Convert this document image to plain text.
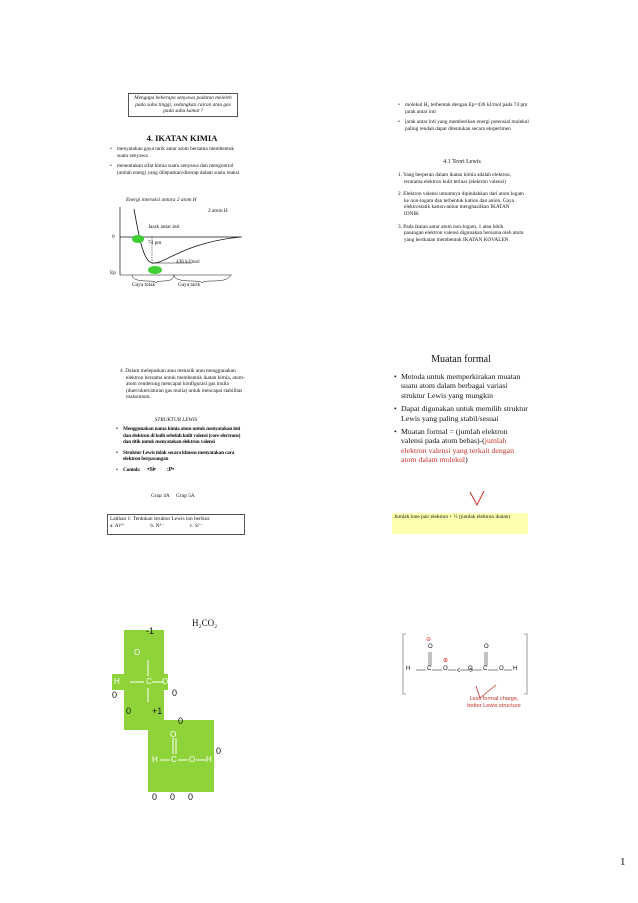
Mengapa beberapa senyawa padatan meleleh pada suhu tinggi, sedangkan cairan atau gas pada suhu kamar?
4. IKATAN KIMIA
• menyatakan gaya tarik antar atom bersama membentuk suatu senyawa
• menentukan sifat kimia suatu senyawa dan mengontrol jumlah energi yang dilepaskan/diserap dalam suatu reaksi
Energi interaksi antara 2 atom H
2 atom H
Jarak antar inti
74 pm
436 kJ/mol
0
Ep
Gaya tolak	Gaya tarik
• molekul H₂ terbentuk dengan Ep=436 kJ/mol pada 74 pm jarak antar inti
• jarak antar inti yang memberikan energi potensial molekul paling rendah dapat ditentukan secara eksperimen
4.1 Teori Lewis
1. Yang berperan dalam ikatan kimia adalah elektron, terutama elektron kulit terluar (elektron valensi)
2. Elektron valensi umumnya dipindahkan dari atom logam ke non-logam dan terbentuk kation dan anion. Gaya elektrostatik kation-anion menghasilkan IKATAN IONIK
3. Pada ikatan antar atom non-logam, 1 atau lebih pasangan elektron valensi digunakan bersama oleh atom yang berikatan membentuk IKATAN KOVALEN
4. Dalam melepaskan atau menarik atau menggunakan elektron bersama untuk membentuk ikatan kimia, atom-atom cenderung mencapai konfigurasi gas mulia (duet/oktet/aturan gas mulia) untuk mencapai stabilitas maksimum.
STRUKTUR LEWIS
• Menggunakan nama kimia atom untuk menyatakan inti dan elektron di kulit sebelah kulit valensi (core electrons) dan titik untuk menyatakan elektron valensi
• Struktur Lewis tidak secara khusus menyatakan cara elektron berpasangan
• Contoh: •Si• :P•
Grup 4A Grup 5A
Latihan 1: Tentukan struktur Lewis ion berikut:
a. Al³⁺	b. N³⁻	c. S²⁻
Muatan formal
• Metoda untuk memperkirakan muatan suatu atom dalam berbagai variasi struktur Lewis yang mungkin
• Dapat digunakan untuk memilih struktur Lewis yang paling stabil/sesuai
• Muatan formal = (jumlah elektron valensi pada atom bebas)-(jumlah elektron valensi yang terkait dengan atom dalam molekul)
Jumlah lone pair elektron + ½ (jumlah elektron ikatan)
H₂CO₂
O
H	C O
-1
0	0
0 +1
O
H C O H
0
0
0 0 0
H	C O
O
⊕
⊖
O C O H
O
Less formal charge,
better Lewis structure
1
